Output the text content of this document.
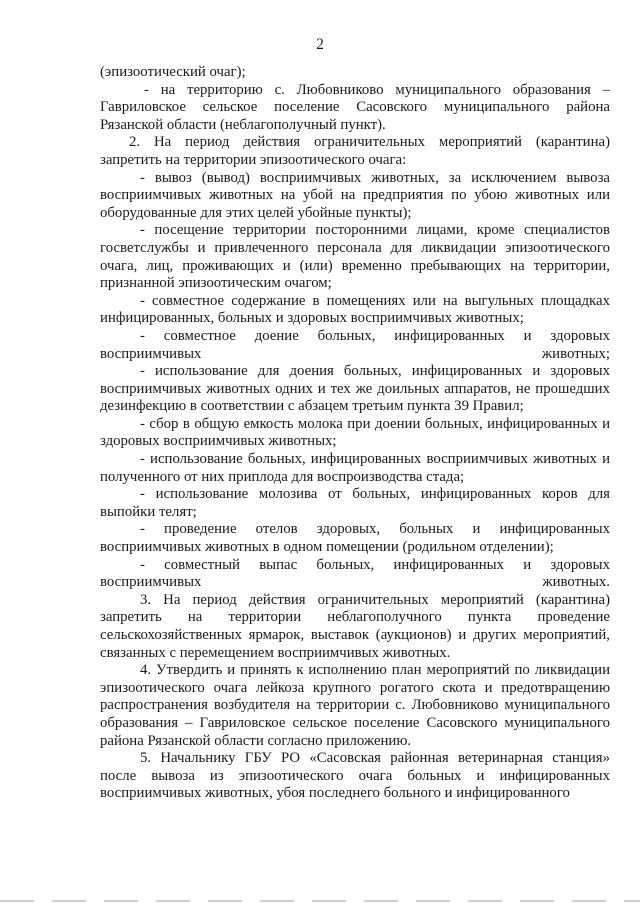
2

(эпизоотический очаг);

- на территорию с. Любовниково муниципального образования – Гавриловское сельское поселение Сасовского муниципального района Рязанской области (неблагополучный пункт).

2. На период действия ограничительных мероприятий (карантина) запретить на территории эпизоотического очага:

- вывоз (вывод) восприимчивых животных, за исключением вывоза восприимчивых животных на убой на предприятия по убою животных или оборудованные для этих целей убойные пункты);

- посещение территории посторонними лицами, кроме специалистов госветслужбы и привлеченного персонала для ликвидации эпизоотического очага, лиц, проживающих и (или) временно пребывающих на территории, признанной эпизоотическим очагом;

- совместное содержание в помещениях или на выгульных площадках инфицированных, больных и здоровых восприимчивых животных;

- совместное доение больных, инфицированных и здоровых восприимчивых животных;

- использование для доения больных, инфицированных и здоровых восприимчивых животных одних и тех же доильных аппаратов, не прошедших дезинфекцию в соответствии с абзацем третьим пункта 39 Правил;

- сбор в общую емкость молока при доении больных, инфицированных и здоровых восприимчивых животных;

- использование больных, инфицированных восприимчивых животных и полученного от них приплода для воспроизводства стада;

- использование молозива от больных, инфицированных коров для выпойки телят;

- проведение отелов здоровых, больных и инфицированных восприимчивых животных в одном помещении (родильном отделении);

- совместный выпас больных, инфицированных и здоровых восприимчивых животных.

3. На период действия ограничительных мероприятий (карантина) запретить на территории неблагополучного пункта проведение сельскохозяйственных ярмарок, выставок (аукционов) и других мероприятий, связанных с перемещением восприимчивых животных.

4. Утвердить и принять к исполнению план мероприятий по ликвидации эпизоотического очага лейкоза крупного рогатого скота и предотвращению распространения возбудителя на территории с. Любовниково муниципального образования – Гавриловское сельское поселение Сасовского муниципального района Рязанской области согласно приложению.

5. Начальнику ГБУ РО «Сасовская районная ветеринарная станция» после вывоза из эпизоотического очага больных и инфицированных восприимчивых животных, убоя последнего больного и инфицированного
